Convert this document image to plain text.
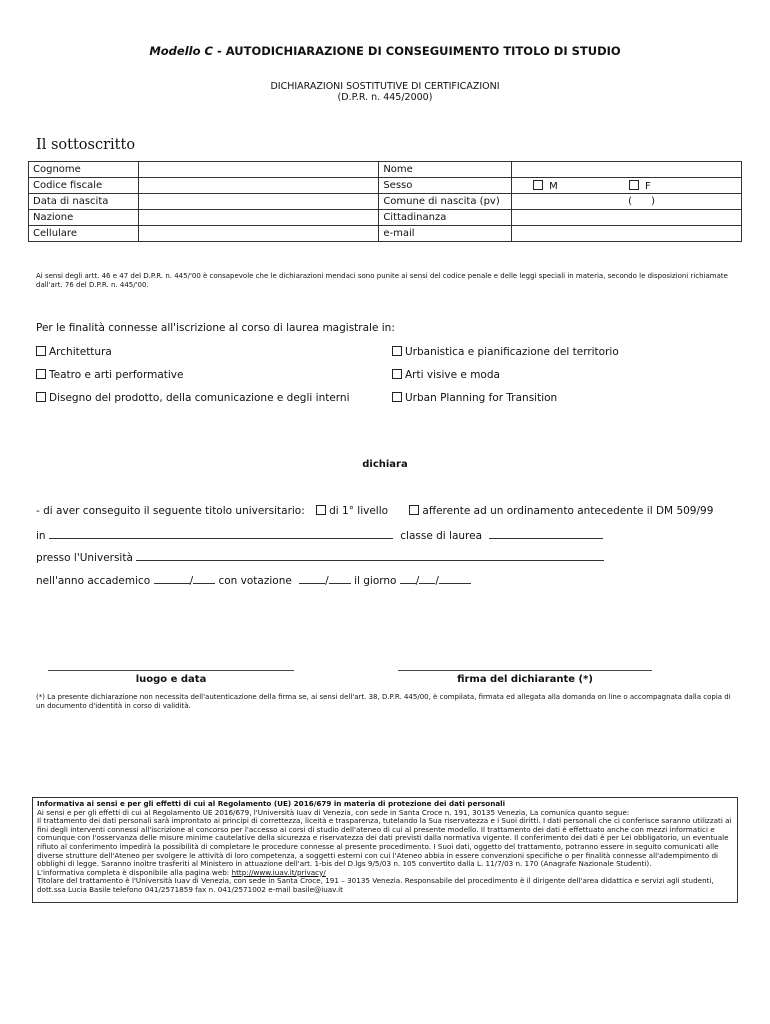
Modello C - AUTODICHIARAZIONE DI CONSEGUIMENTO TITOLO DI STUDIO
DICHIARAZIONI SOSTITUTIVE DI CERTIFICAZIONI
(D.P.R. n. 445/2000)
Il sottoscritto
Cognome		Nome	
Codice fiscale		Sesso	M F
Data di nascita		Comune di nascita (pv)	(      )
Nazione		Cittadinanza	
Cellulare		e-mail	
Ai sensi degli artt. 46 e 47 del D.P.R. n. 445/'00 è consapevole che le dichiarazioni mendaci sono punite ai sensi del codice penale e delle leggi speciali in materia, secondo le disposizioni richiamate dall'art. 76 del D.P.R. n. 445/'00.
Per le finalità connesse all'iscrizione al corso di laurea magistrale in:
Architettura	Urbanistica e pianificazione del territorio
Teatro e arti performative	Arti visive e moda
Disegno del prodotto, della comunicazione e degli interni	Urban Planning for Transition
dichiara
- di aver conseguito il seguente titolo universitario: di 1° livello	afferente ad un ordinamento antecedente il DM 509/99
in	classe di laurea
presso l'Università
nell'anno accademico	/ con votazione	/ il giorno / /
luogo e data	firma del dichiarante (*)
(*) La presente dichiarazione non necessita dell'autenticazione della firma se, ai sensi dell'art. 38, D.P.R. 445/00, è compilata, firmata ed allegata alla domanda on line o accompagnata dalla copia di un documento d'identità in corso di validità.
Informativa ai sensi e per gli effetti di cui al Regolamento (UE) 2016/679 in materia di protezione dei dati personali
Ai sensi e per gli effetti di cui al Regolamento UE 2016/679, l'Università Iuav di Venezia, con sede in Santa Croce n. 191, 30135 Venezia, La comunica quanto segue:
Il trattamento dei dati personali sarà improntato ai principi di correttezza, liceità e trasparenza, tutelando la Sua riservatezza e i Suoi diritti. I dati personali che ci conferisce saranno utilizzati ai fini degli interventi connessi all'iscrizione al concorso per l'accesso ai corsi di studio dell'ateneo di cui al presente modello. Il trattamento dei dati è effettuato anche con mezzi informatici e comunque con l'osservanza delle misure minime cautelative della sicurezza e riservatezza dei dati previsti dalla normativa vigente. Il conferimento dei dati è per Lei obbligatorio, un eventuale rifiuto al conferimento impedirà la possibilità di completare le procedure connesse al presente procedimento. I Suoi dati, oggetto del trattamento, potranno essere in seguito comunicati alle diverse strutture dell'Ateneo per svolgere le attività di loro competenza, a soggetti esterni con cui l'Ateneo abbia in essere convenzioni specifiche o per finalità connesse all'adempimento di obblighi di legge. Saranno inoltre trasferiti al Ministero in attuazione dell'art. 1-bis del D.lgs 9/5/03 n. 105 convertito dalla L. 11/7/03 n. 170 (Anagrafe Nazionale Studenti).
L'informativa completa è disponibile alla pagina web: http://www.iuav.it/privacy/
Titolare del trattamento è l'Università Iuav di Venezia, con sede in Santa Croce, 191 – 30135 Venezia. Responsabile del procedimento è il dirigente dell'area didattica e servizi agli studenti, dott.ssa Lucia Basile telefono 041/2571859 fax n. 041/2571002 e-mail basile@iuav.it
